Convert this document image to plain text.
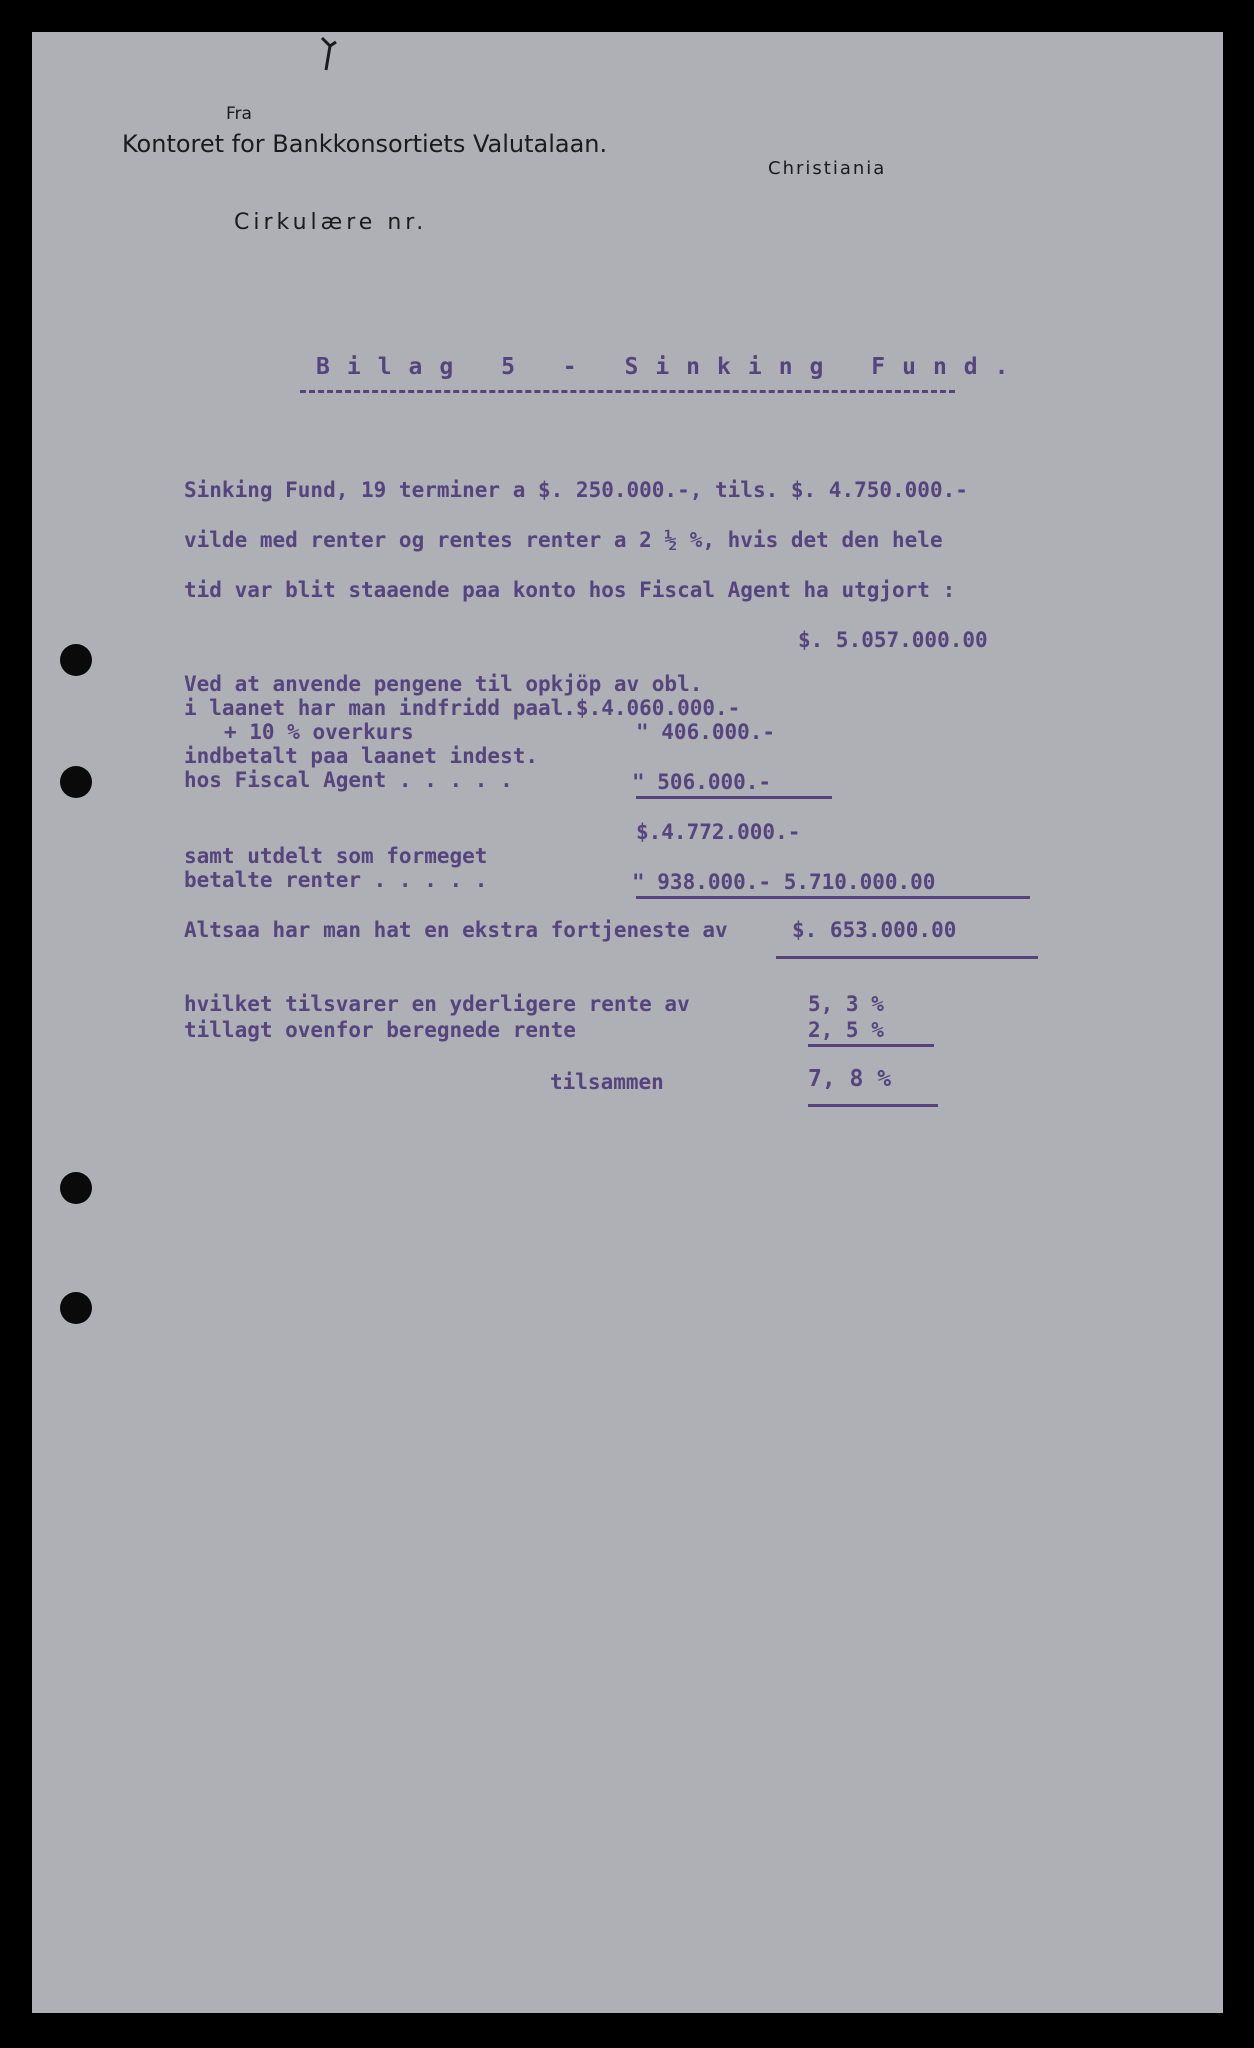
Fra
Kontoret for Bankkonsortiets Valutalaan.
Christiania
Cirkulære nr.
Bilag 5 - Sinking Fund.
Sinking Fund, 19 terminer a $. 250.000.-, tils. $. 4.750.000.-
vilde med renter og rentes renter a 2 ½ %, hvis det den hele
tid var blit staaende paa konto hos Fiscal Agent ha utgjort :
$. 5.057.000.00
Ved at anvende pengene til opkjöp av obl.
i laanet har man indfridd paal.$.4.060.000.-
+ 10 % overkurs	" 406.000.-
indbetalt paa laanet indest.
hos Fiscal Agent . . . . .	" 506.000.-
$.4.772.000.-
samt utdelt som formeget
betalte renter . . . . .	" 938.000.- 5.710.000.00
Altsaa har man hat en ekstra fortjeneste av	$. 653.000.00
hvilket tilsvarer en yderligere rente av	5, 3 %
tillagt ovenfor beregnede rente	2, 5 %
tilsammen	7, 8 %
